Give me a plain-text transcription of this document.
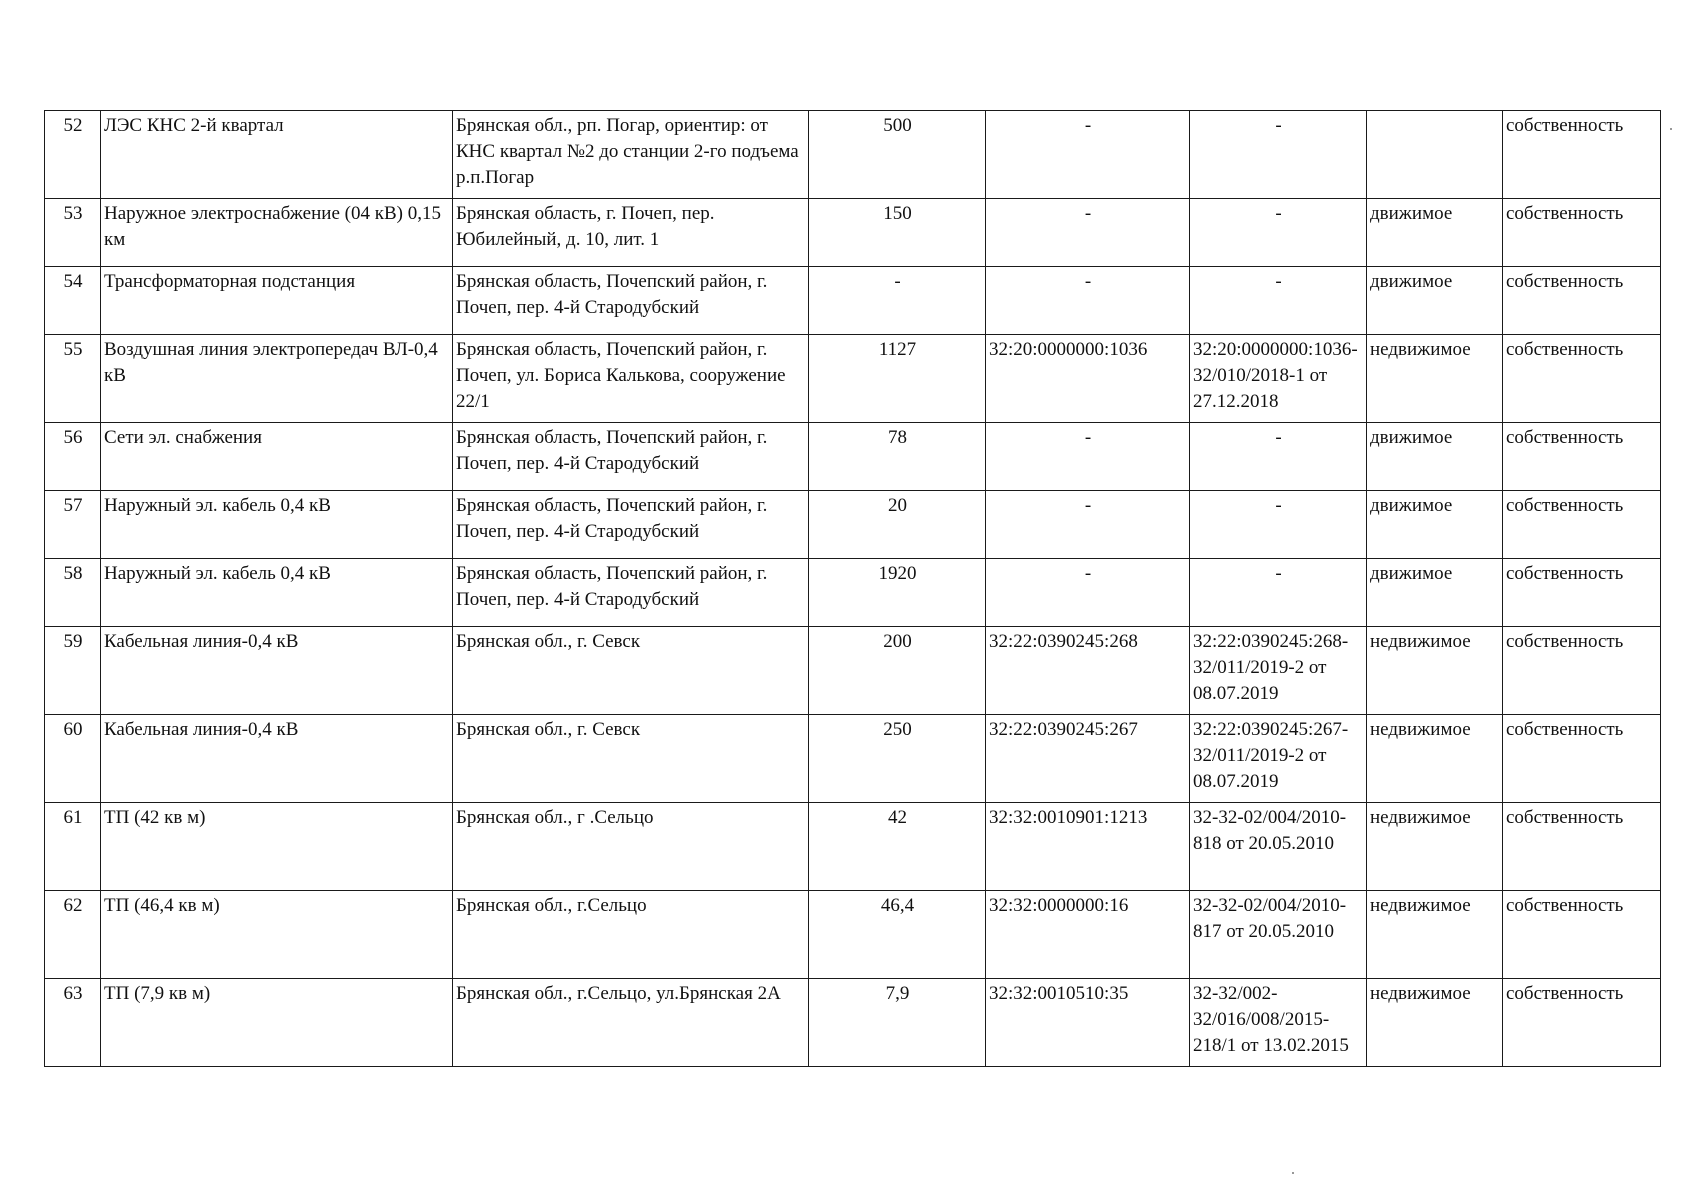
52	ЛЭС КНС 2-й квартал	Брянская обл., рп. Погар, ориентир: от КНС квартал №2 до станции 2-го подъема р.п.Погар	500	-	-		собственность
53	Наружное электроснабжение (04 кВ) 0,15 км	Брянская область, г. Почеп, пер. Юбилейный, д. 10, лит. 1	150	-	-	движимое	собственность
54	Трансформаторная подстанция	Брянская область, Почепский район, г. Почеп, пер. 4-й Стародубский	-	-	-	движимое	собственность
55	Воздушная линия электропередач ВЛ-0,4 кВ	Брянская область, Почепский район, г. Почеп, ул. Бориса Калькова, сооружение 22/1	1127	32:20:0000000:1036	32:20:0000000:1036-32/010/2018-1 от 27.12.2018	недвижимое	собственность
56	Сети эл. снабжения	Брянская область, Почепский район, г. Почеп, пер. 4-й Стародубский	78	-	-	движимое	собственность
57	Наружный эл. кабель 0,4 кВ	Брянская область, Почепский район, г. Почеп, пер. 4-й Стародубский	20	-	-	движимое	собственность
58	Наружный эл. кабель 0,4 кВ	Брянская область, Почепский район, г. Почеп, пер. 4-й Стародубский	1920	-	-	движимое	собственность
59	Кабельная линия-0,4 кВ	Брянская обл., г. Севск	200	32:22:0390245:268	32:22:0390245:268-32/011/2019-2 от 08.07.2019	недвижимое	собственность
60	Кабельная линия-0,4 кВ	Брянская обл., г. Севск	250	32:22:0390245:267	32:22:0390245:267-32/011/2019-2 от 08.07.2019	недвижимое	собственность
61	ТП (42 кв м)	Брянская обл., г .Сельцо	42	32:32:0010901:1213	32-32-02/004/2010-818 от 20.05.2010	недвижимое	собственность
62	ТП (46,4 кв м)	Брянская обл., г.Сельцо	46,4	32:32:0000000:16	32-32-02/004/2010-817 от 20.05.2010	недвижимое	собственность
63	ТП (7,9 кв м)	Брянская обл., г.Сельцо, ул.Брянская 2А	7,9	32:32:0010510:35	32-32/002-32/016/008/2015-218/1 от 13.02.2015	недвижимое	собственность
